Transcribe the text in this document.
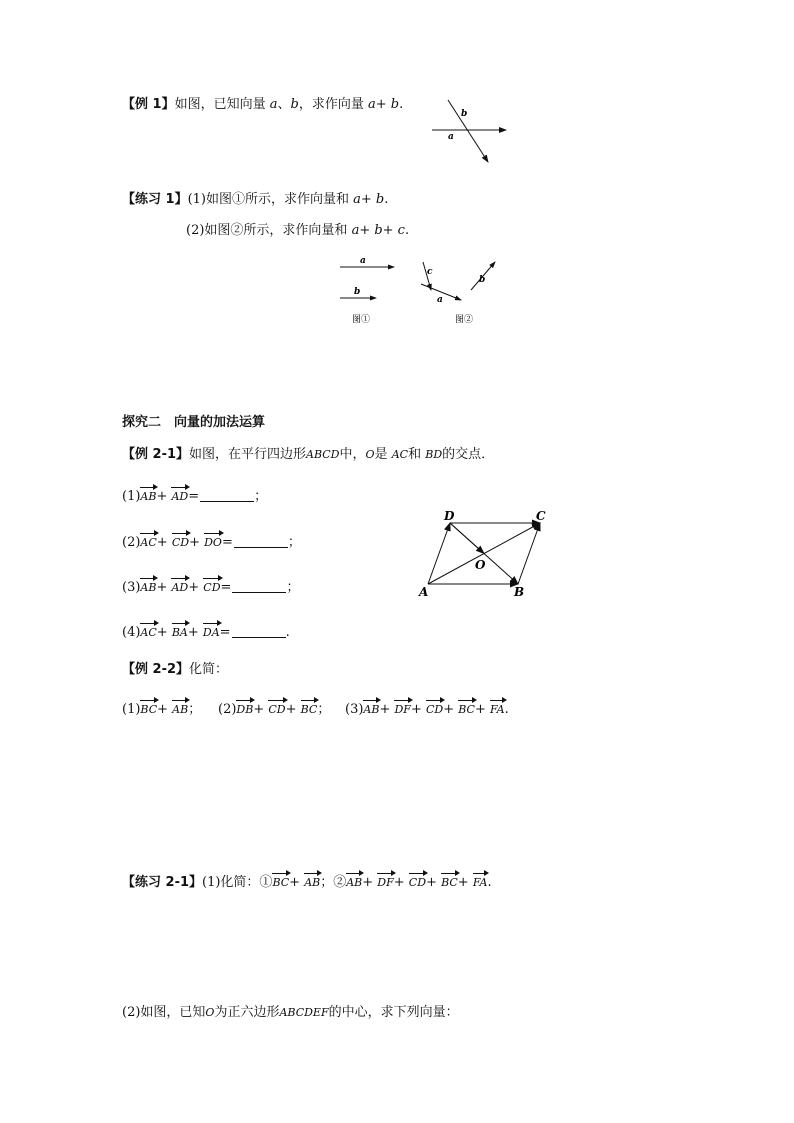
【例 1】如图，已知向量 a、b，求作向量 a+ b.
a
b
【练习 1】(1)如图①所示，求作向量和 a+ b.
(2)如图②所示，求作向量和 a+ b+ c.
a
b
图①
c
a
b
图②
探究二　向量的加法运算
【例 2-1】如图，在平行四边形ABCD中，O是 AC和 BD的交点．
(1)AB+ AD=	；
(2)AC+ CD+ DO=	；
(3)AB+ AD+ CD=	；
(4)AC+ BA+ DA=	.
D	C
O
A	B
【例 2-2】化简：
(1)BC+ AB； (2)DB+ CD+ BC； (3)AB+ DF+ CD+ BC+ FA.
【练习 2-1】(1)化简：①BC+ AB；②AB+ DF+ CD+ BC+ FA.
(2)如图，已知O为正六边形ABCDEF的中心，求下列向量：
